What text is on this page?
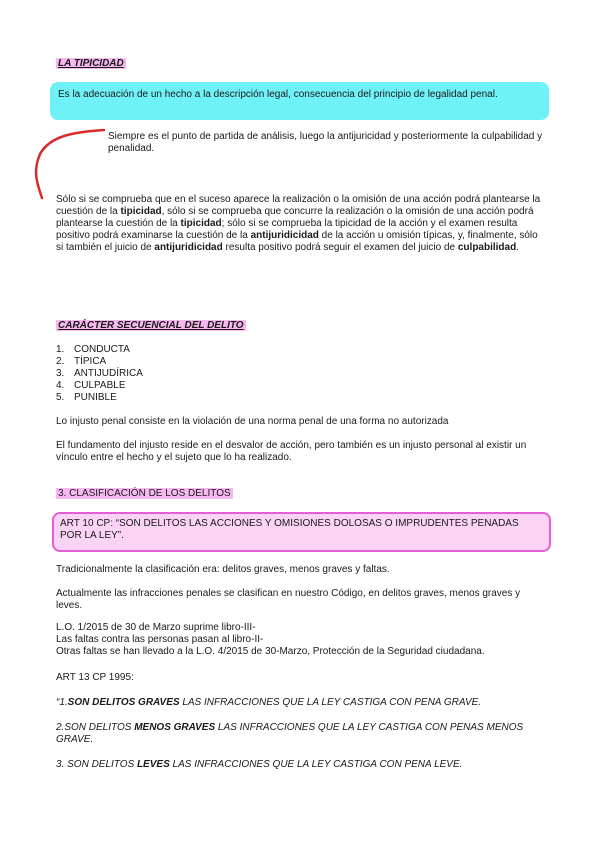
LA TIPICIDAD
Es la adecuación de un hecho a la descripción legal, consecuencia del principio de legalidad penal.
Siempre es el punto de partida de análisis, luego la antijuricidad y posteriormente la culpabilidad y penalidad.
Sólo si se comprueba que en el suceso aparece la realización o la omisión de una acción podrá plantearse la cuestión de la tipicidad, sólo si se comprueba que concurre la realización o la omisión de una acción podrá plantearse la cuestión de la tipicidad; sólo si se comprueba la tipicidad de la acción y el examen resulta positivo podrá examinarse la cuestión de la antijuridicidad de la acción u omisión típicas, y, finalmente, sólo si también el juicio de antijuridicidad resulta positivo podrá seguir el examen del juicio de culpabilidad.
CARÁCTER SECUENCIAL DEL DELITO
1. CONDUCTA
2. TÍPICA
3. ANTIJUDÍRICA
4. CULPABLE
5. PUNIBLE
Lo injusto penal consiste en la violación de una norma penal de una forma no autorizada
El fundamento del injusto reside en el desvalor de acción, pero también es un injusto personal al existir un vínculo entre el hecho y el sujeto que lo ha realizado.
3. CLASIFICACIÓN DE LOS DELITOS
ART 10 CP: “SON DELITOS LAS ACCIONES Y OMISIONES DOLOSAS O IMPRUDENTES PENADAS POR LA LEY”.
Tradicionalmente la clasificación era: delitos graves, menos graves y faltas.
Actualmente las infracciones penales se clasifican en nuestro Código, en delitos graves, menos graves y leves.
L.O. 1/2015 de 30 de Marzo suprime libro-III-
Las faltas contra las personas pasan al libro-II-
Otras faltas se han llevado a la L.O. 4/2015 de 30-Marzo, Protección de la Seguridad ciudadana.
ART 13 CP 1995:
“1.SON DELITOS GRAVES LAS INFRACCIONES QUE LA LEY CASTIGA CON PENA GRAVE.
2.SON DELITOS MENOS GRAVES LAS INFRACCIONES QUE LA LEY CASTIGA CON PENAS MENOS GRAVE.
3. SON DELITOS LEVES LAS INFRACCIONES QUE LA LEY CASTIGA CON PENA LEVE.
